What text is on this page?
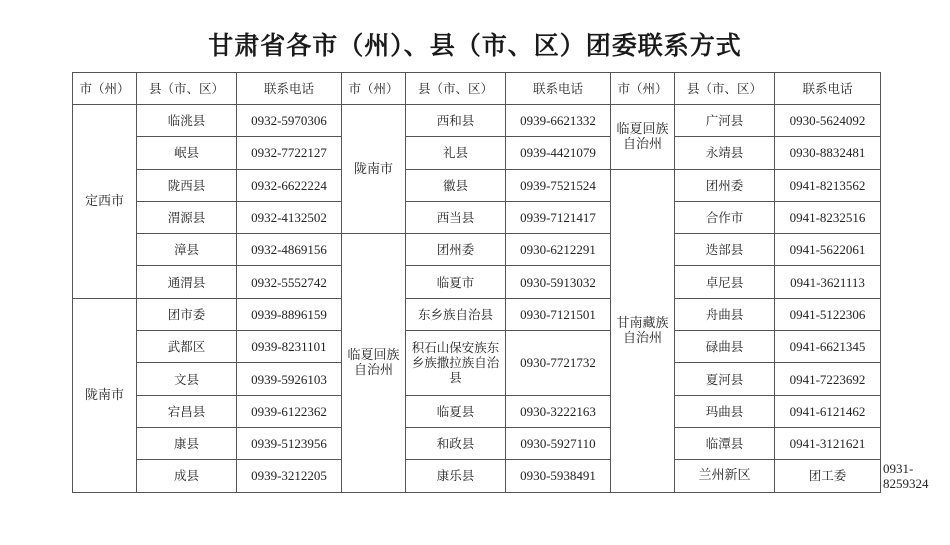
甘肃省各市（州）、县（市、区）团委联系方式
市（州）	县（市、区）	联系电话	市（州）	县（市、区）	联系电话	市（州）	县（市、区）	联系电话	
定西市	临洮县	0932-5970306	陇南市	西和县	0939-6621332	临夏回族自治州	广河县	0930-5624092	
	岷县	0932-7722127		礼县	0939-4421079		永靖县	0930-8832481	
	陇西县	0932-6622224		徽县	0939-7521524	甘南藏族自治州	团州委	0941-8213562	
	渭源县	0932-4132502		西当县	0939-7121417		合作市	0941-8232516	
	漳县	0932-4869156	临夏回族自治州	团州委	0930-6212291		迭部县	0941-5622061	
	通渭县	0932-5552742		临夏市	0930-5913032		卓尼县	0941-3621113	
陇南市	团市委	0939-8896159		东乡族自治县	0930-7121501		舟曲县	0941-5122306	
	武都区	0939-8231101		积石山保安族东乡族撒拉族自治县	0930-7721732		碌曲县	0941-6621345	
	文县	0939-5926103					夏河县	0941-7223692	
	宕昌县	0939-6122362		临夏县	0930-3222163		玛曲县	0941-6121462	
	康县	0939-5123956		和政县	0930-5927110		临潭县	0941-3121621	
	成县	0939-3212205		康乐县	0930-5938491		兰州新区	团工委	0931-8259324
